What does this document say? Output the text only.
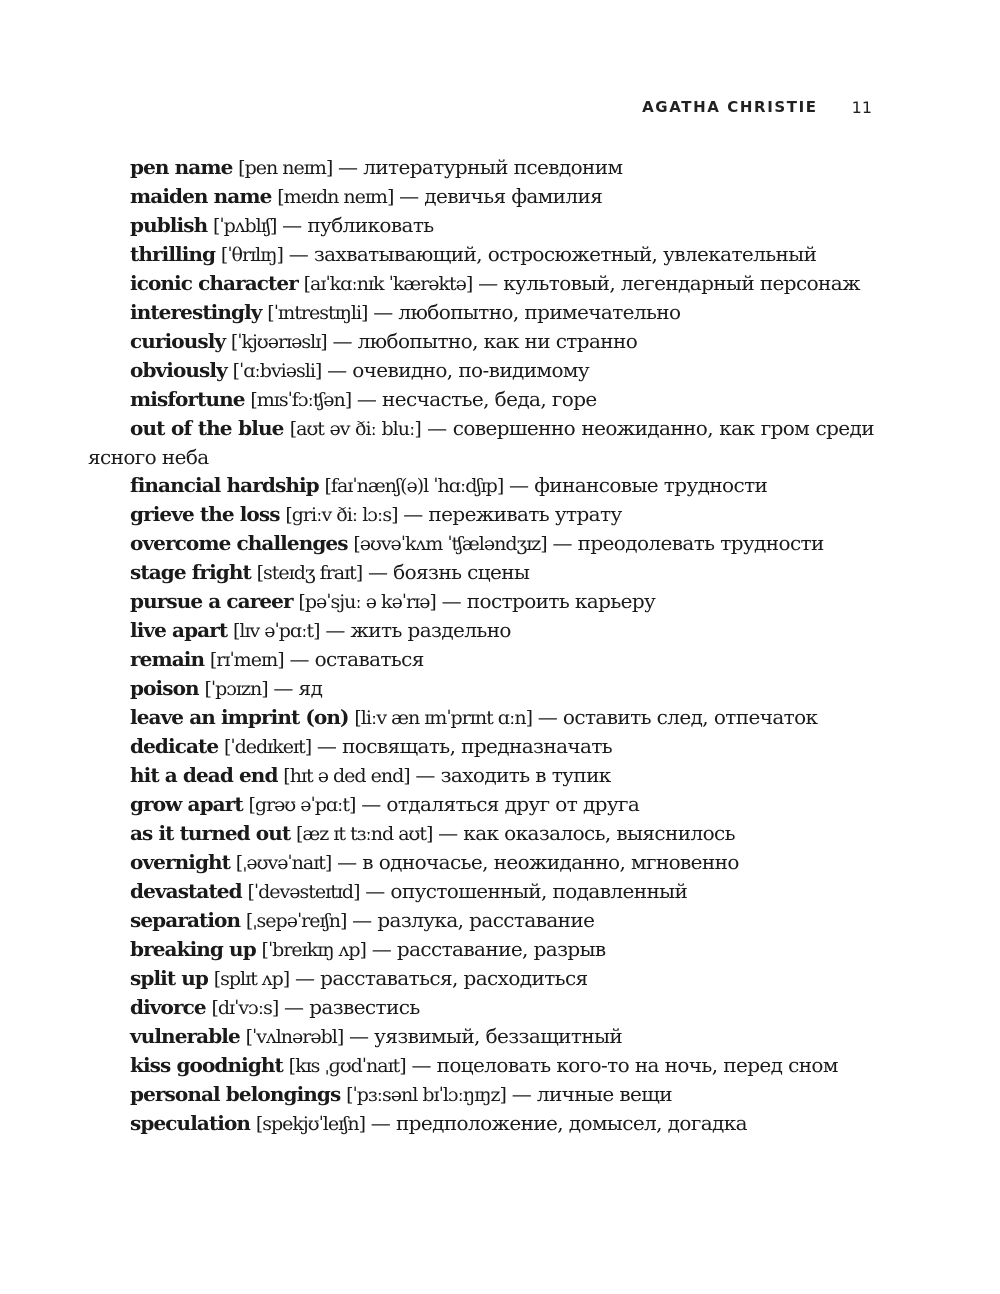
AGATHA CHRISTIE 11

pen name [pen neɪm] — литературный псевдоним

maiden name [meɪdn neɪm] — девичья фамилия

publish [ˈpʌblɪʃ] — публиковать

thrilling [ˈθrɪlɪŋ] — захватывающий, остросюжетный, увлекательный

iconic character [aɪˈkɑːnɪk ˈkærəktə] — культовый, легендарный персонаж

interestingly [ˈɪntrestɪŋli] — любопытно, примечательно

curiously [ˈkjʊərɪəslɪ] — любопытно, как ни странно

obviously [ˈɑːbviəsli] — очевидно, по-видимому

misfortune [mɪsˈfɔːʧən] — несчастье, беда, горе

out of the blue [aʊt əv ðiː bluː] — совершенно неожиданно, как гром среди ясного неба

financial hardship [faɪˈnænʃ(ə)l ˈhɑːdʃɪp] — финансовые трудности

grieve the loss [griːv ðiː lɔːs] — переживать утрату

overcome challenges [əʊvəˈkʌm ˈʧæləndʒɪz] — преодолевать трудности

stage fright [steɪdʒ fraɪt] — боязнь сцены

pursue a career [pəˈsjuː ə kəˈrɪə] — построить карьеру

live apart [lɪv əˈpɑːt] — жить раздельно

remain [rɪˈmeɪn] — оставаться

poison [ˈpɔɪzn] — яд

leave an imprint (on) [liːv æn ɪmˈprɪnt ɑːn] — оставить след, отпечаток

dedicate [ˈdedɪkeɪt] — посвящать, предназначать

hit a dead end [hɪt ə ded end] — заходить в тупик

grow apart [grəʊ əˈpɑːt] — отдаляться друг от друга

as it turned out [æz ɪt tɜːnd aʊt] — как оказалось, выяснилось

overnight [ˌəʊvəˈnaɪt] — в одночасье, неожиданно, мгновенно

devastated [ˈdevəsteɪtɪd] — опустошенный, подавленный

separation [ˌsepəˈreɪʃn] — разлука, расставание

breaking up [ˈbreɪkɪŋ ʌp] — расставание, разрыв

split up [splɪt ʌp] — расставаться, расходиться

divorce [dɪˈvɔːs] — развестись

vulnerable [ˈvʌlnərəbl] — уязвимый, беззащитный

kiss goodnight [kɪs ˌɡʊdˈnaɪt] — поцеловать кого-то на ночь, перед сном

personal belongings [ˈpɜːsənl bɪˈlɔːŋɪŋz] — личные вещи

speculation [spekjʊˈleɪʃn] — предположение, домысел, догадка
